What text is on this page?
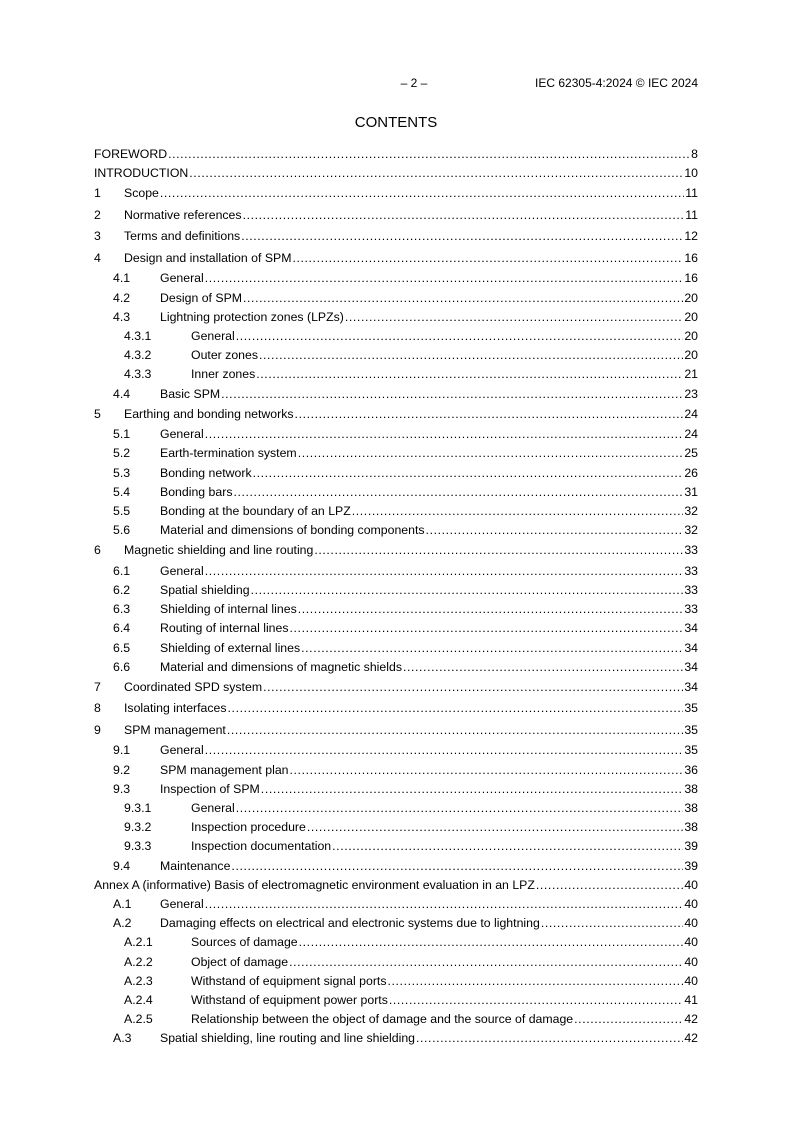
– 2 –	IEC 62305-4:2024 © IEC 2024
CONTENTS
FOREWORD .....	8
INTRODUCTION .....	10
1	Scope .....	11
2	Normative references .....	11
3	Terms and definitions .....	12
4	Design and installation of SPM .....	16
4.1	General .....	16
4.2	Design of SPM .....	20
4.3	Lightning protection zones (LPZs) .....	20
4.3.1	General .....	20
4.3.2	Outer zones .....	20
4.3.3	Inner zones .....	21
4.4	Basic SPM .....	23
5	Earthing and bonding networks .....	24
5.1	General .....	24
5.2	Earth-termination system .....	25
5.3	Bonding network .....	26
5.4	Bonding bars .....	31
5.5	Bonding at the boundary of an LPZ .....	32
5.6	Material and dimensions of bonding components .....	32
6	Magnetic shielding and line routing .....	33
6.1	General .....	33
6.2	Spatial shielding .....	33
6.3	Shielding of internal lines .....	33
6.4	Routing of internal lines .....	34
6.5	Shielding of external lines .....	34
6.6	Material and dimensions of magnetic shields .....	34
7	Coordinated SPD system .....	34
8	Isolating interfaces .....	35
9	SPM management .....	35
9.1	General .....	35
9.2	SPM management plan .....	36
9.3	Inspection of SPM .....	38
9.3.1	General .....	38
9.3.2	Inspection procedure .....	38
9.3.3	Inspection documentation .....	39
9.4	Maintenance .....	39
Annex A (informative) Basis of electromagnetic environment evaluation in an LPZ .....	40
A.1	General .....	40
A.2	Damaging effects on electrical and electronic systems due to lightning .....	40
A.2.1	Sources of damage .....	40
A.2.2	Object of damage .....	40
A.2.3	Withstand of equipment signal ports .....	40
A.2.4	Withstand of equipment power ports .....	41
A.2.5	Relationship between the object of damage and the source of damage .....	42
A.3	Spatial shielding, line routing and line shielding .....	42
